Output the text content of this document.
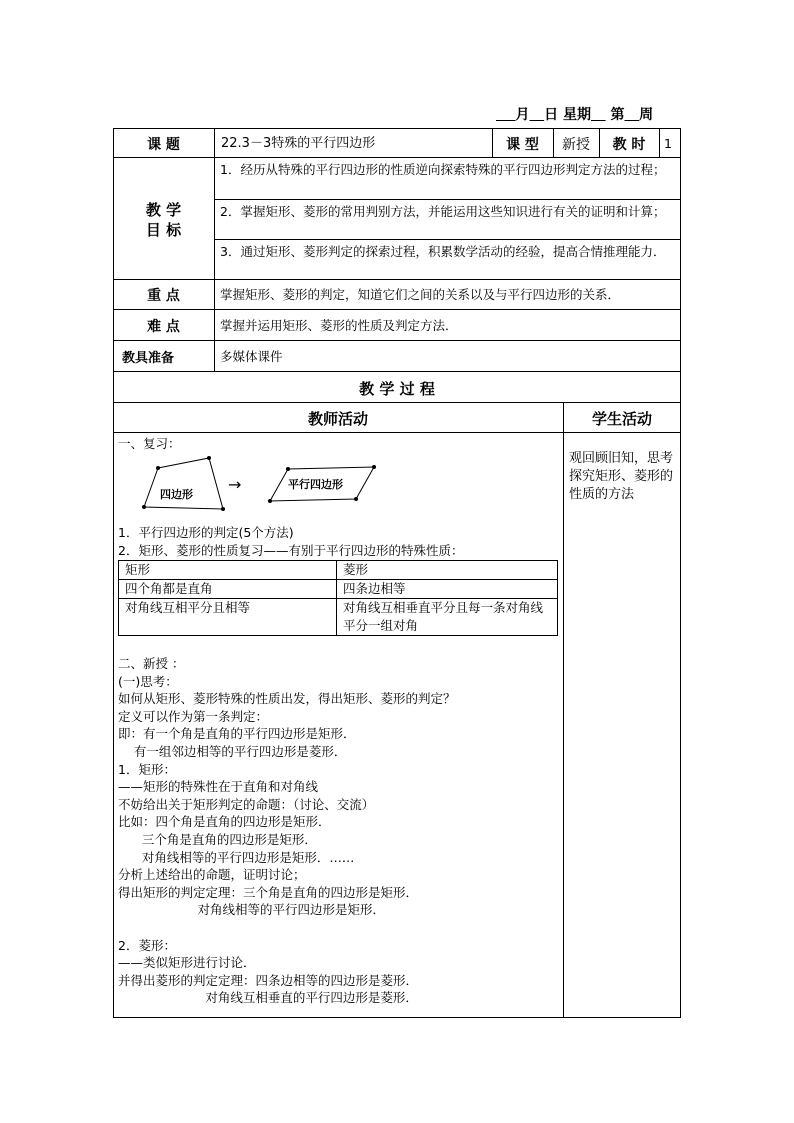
月 日 星期 第 周
课 题	22.3－3特殊的平行四边形	课 型	新授	教 时	1
教 学
目 标
1．经历从特殊的平行四边形的性质逆向探索特殊的平行四边形判定方法的过程；
2．掌握矩形、菱形的常用判别方法，并能运用这些知识进行有关的证明和计算；
3．通过矩形、菱形判定的探索过程，积累数学活动的经验，提高合情推理能力．
重 点	掌握矩形、菱形的判定，知道它们之间的关系以及与平行四边形的关系．
难 点	掌握并运用矩形、菱形的性质及判定方法．
教具准备	多媒体课件
教 学 过 程
教师活动	学生活动
观回顾旧知，思考探究矩形、菱形的性质的方法
一、复习：
四边形
→	平行四边形
1．平行四边形的判定(5个方法)
2．矩形、菱形的性质复习——有别于平行四边形的特殊性质：
矩形	菱形
四个角都是直角	四条边相等
对角线互相平分且相等	对角线互相垂直平分且每一条对角线平分一组对角
二、新授 ：
(一)思考：
如何从矩形、菱形特殊的性质出发，得出矩形、菱形的判定？
定义可以作为第一条判定：
即：有一个角是直角的平行四边形是矩形．
有一组邻边相等的平行四边形是菱形．
1．矩形：
——矩形的特殊性在于直角和对角线
不妨给出关于矩形判定的命题：（讨论、交流）
比如：四个角是直角的四边形是矩形．
三个角是直角的四边形是矩形．
对角线相等的平行四边形是矩形．……
分析上述给出的命题，证明讨论；
得出矩形的判定定理：三个角是直角的四边形是矩形．
对角线相等的平行四边形是矩形．
2．菱形：
——类似矩形进行讨论．
并得出菱形的判定定理：四条边相等的四边形是菱形．
对角线互相垂直的平行四边形是菱形．
